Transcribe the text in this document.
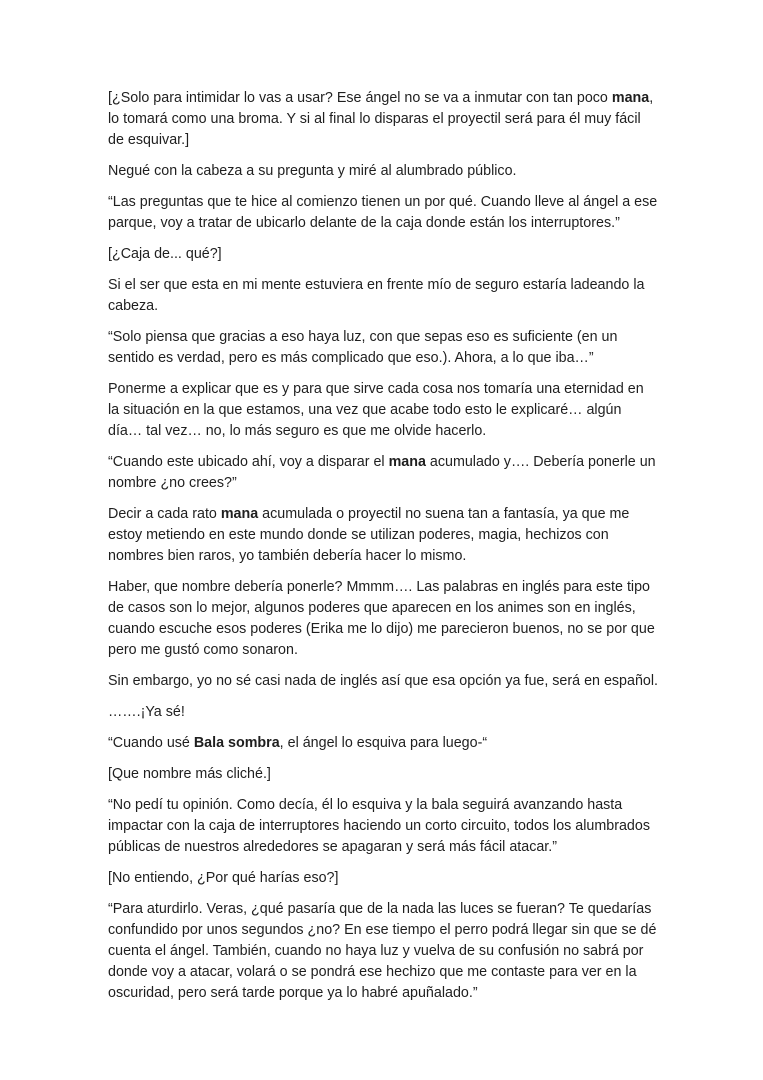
[¿Solo para intimidar lo vas a usar? Ese ángel no se va a inmutar con tan poco mana, lo tomará como una broma. Y si al final lo disparas el proyectil será para él muy fácil de esquivar.]

Negué con la cabeza a su pregunta y miré al alumbrado público.

“Las preguntas que te hice al comienzo tienen un por qué. Cuando lleve al ángel a ese parque, voy a tratar de ubicarlo delante de la caja donde están los interruptores.”

[¿Caja de... qué?]

Si el ser que esta en mi mente estuviera en frente mío de seguro estaría ladeando la cabeza.

“Solo piensa que gracias a eso haya luz, con que sepas eso es suficiente (en un sentido es verdad, pero es más complicado que eso.). Ahora, a lo que iba…”

Ponerme a explicar que es y para que sirve cada cosa nos tomaría una eternidad en la situación en la que estamos, una vez que acabe todo esto le explicaré… algún día… tal vez… no, lo más seguro es que me olvide hacerlo.

“Cuando este ubicado ahí, voy a disparar el mana acumulado y…. Debería ponerle un nombre ¿no crees?”

Decir a cada rato mana acumulada o proyectil no suena tan a fantasía, ya que me estoy metiendo en este mundo donde se utilizan poderes, magia, hechizos con nombres bien raros, yo también debería hacer lo mismo.

Haber, que nombre debería ponerle? Mmmm…. Las palabras en inglés para este tipo de casos son lo mejor, algunos poderes que aparecen en los animes son en inglés, cuando escuche esos poderes (Erika me lo dijo) me parecieron buenos, no se por que pero me gustó como sonaron.

Sin embargo, yo no sé casi nada de inglés así que esa opción ya fue, será en español.

…….¡Ya sé!

“Cuando usé Bala sombra, el ángel lo esquiva para luego-“

[Que nombre más cliché.]

“No pedí tu opinión. Como decía, él lo esquiva y la bala seguirá avanzando hasta impactar con la caja de interruptores haciendo un corto circuito, todos los alumbrados públicas de nuestros alrededores se apagaran y será más fácil atacar.”

[No entiendo, ¿Por qué harías eso?]

“Para aturdirlo. Veras, ¿qué pasaría que de la nada las luces se fueran? Te quedarías confundido por unos segundos ¿no? En ese tiempo el perro podrá llegar sin que se dé cuenta el ángel. También, cuando no haya luz y vuelva de su confusión no sabrá por donde voy a atacar, volará o se pondrá ese hechizo que me contaste para ver en la oscuridad, pero será tarde porque ya lo habré apuñalado.”
